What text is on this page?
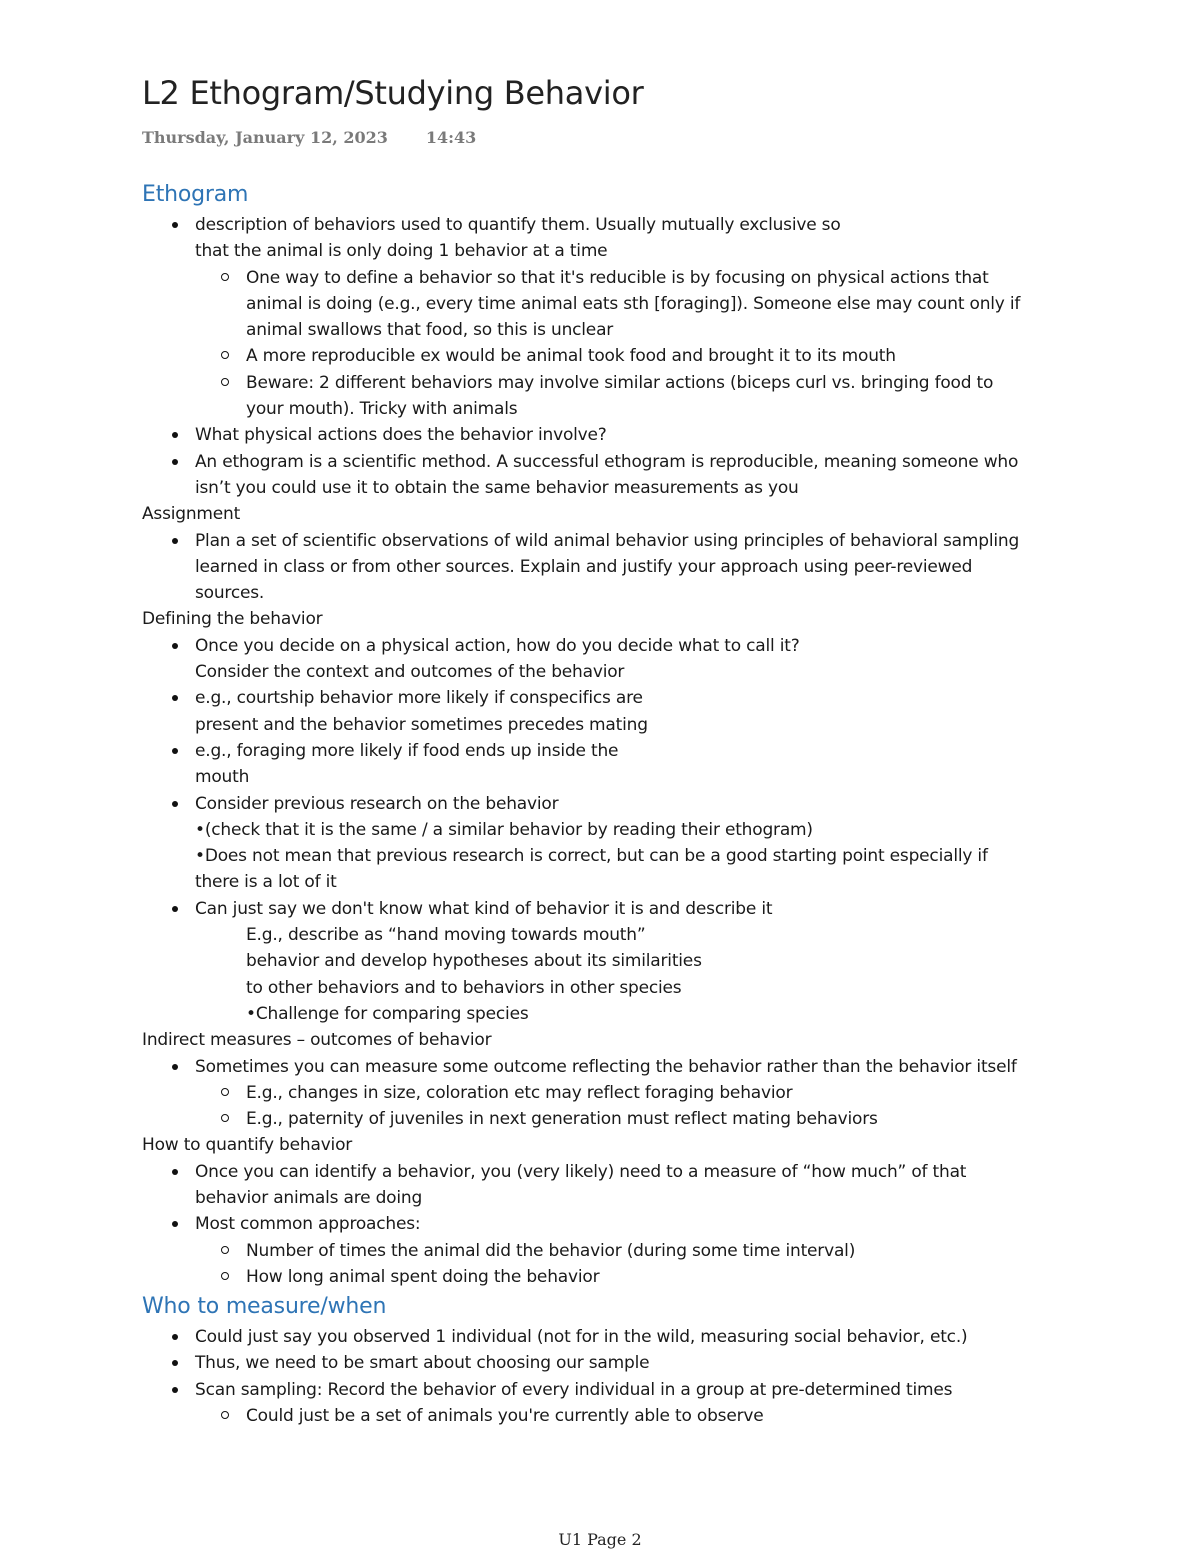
L2 Ethogram/Studying Behavior
Thursday, January 12, 2023 14:43
Ethogram
description of behaviors used to quantify them. Usually mutually exclusive so
that the animal is only doing 1 behavior at a time
One way to define a behavior so that it's reducible is by focusing on physical actions that
animal is doing (e.g., every time animal eats sth [foraging]). Someone else may count only if
animal swallows that food, so this is unclear
A more reproducible ex would be animal took food and brought it to its mouth
Beware: 2 different behaviors may involve similar actions (biceps curl vs. bringing food to
your mouth). Tricky with animals
What physical actions does the behavior involve?
An ethogram is a scientific method. A successful ethogram is reproducible, meaning someone who
isn’t you could use it to obtain the same behavior measurements as you
Assignment
Plan a set of scientific observations of wild animal behavior using principles of behavioral sampling
learned in class or from other sources. Explain and justify your approach using peer-reviewed
sources.
Defining the behavior
Once you decide on a physical action, how do you decide what to call it?
Consider the context and outcomes of the behavior
e.g., courtship behavior more likely if conspecifics are
present and the behavior sometimes precedes mating
e.g., foraging more likely if food ends up inside the
mouth
Consider previous research on the behavior
•(check that it is the same / a similar behavior by reading their ethogram)
•Does not mean that previous research is correct, but can be a good starting point especially if
there is a lot of it
Can just say we don't know what kind of behavior it is and describe it
E.g., describe as “hand moving towards mouth”
behavior and develop hypotheses about its similarities
to other behaviors and to behaviors in other species
•Challenge for comparing species
Indirect measures – outcomes of behavior
Sometimes you can measure some outcome reflecting the behavior rather than the behavior itself
E.g., changes in size, coloration etc may reflect foraging behavior
E.g., paternity of juveniles in next generation must reflect mating behaviors
How to quantify behavior
Once you can identify a behavior, you (very likely) need to a measure of “how much” of that
behavior animals are doing
Most common approaches:
Number of times the animal did the behavior (during some time interval)
How long animal spent doing the behavior
Who to measure/when
Could just say you observed 1 individual (not for in the wild, measuring social behavior, etc.)
Thus, we need to be smart about choosing our sample
Scan sampling: Record the behavior of every individual in a group at pre-determined times
Could just be a set of animals you're currently able to observe
U1 Page 2
